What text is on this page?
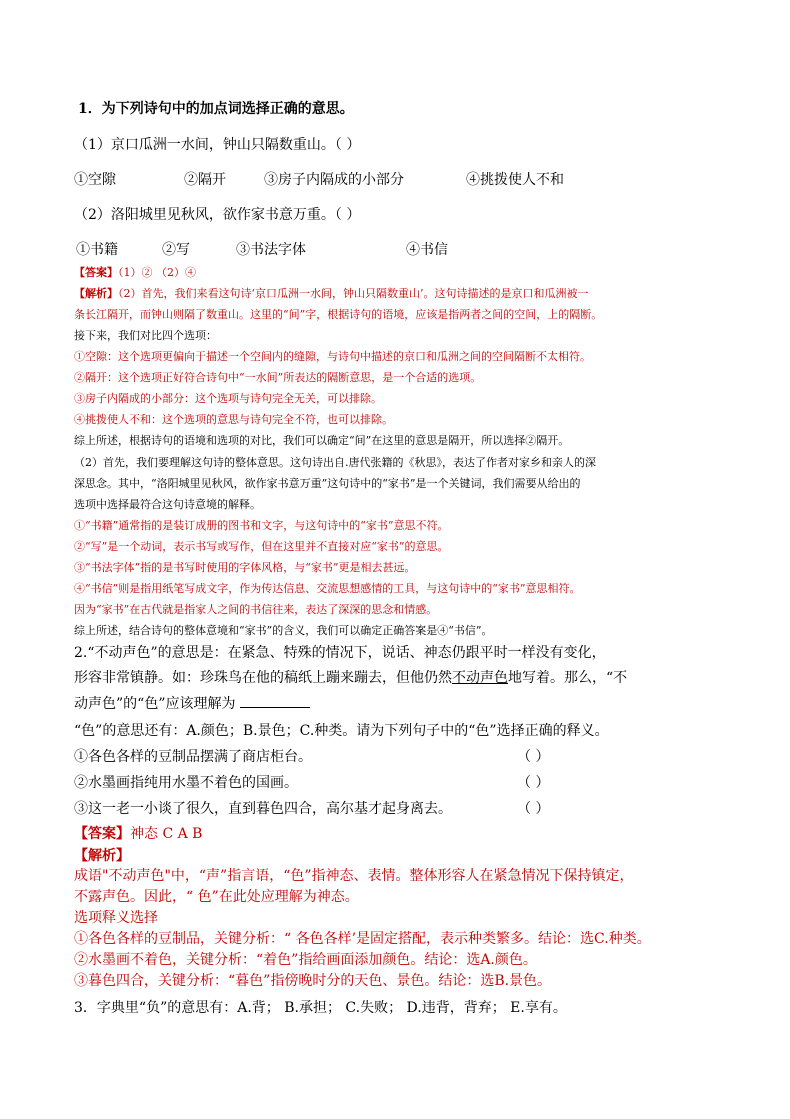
1．为下列诗句中的加点词选择正确的意思。
（1）京口瓜洲一水间，钟山只隔数重山。（ ）
①空隙	②隔开	③房子内隔成的小部分	④挑拨使人不和
（2）洛阳城里见秋风，欲作家书意万重。（ ）
①书籍	②写	③书法字体	④书信
【答案】（1）② （2）④
【解析】（2）首先，我们来看这句诗‘京口瓜洲一水间，钟山只隔数重山’。这句诗描述的是京口和瓜洲被一
条长江隔开，而钟山则隔了数重山。这里的“间”字，根据诗句的语境，应该是指两者之间的空间，上的隔断。
接下来，我们对比四个选项：
①空隙：这个选项更偏向于描述一个空间内的缝隙，与诗句中描述的京口和瓜洲之间的空间隔断不太相符。
②隔开：这个选项正好符合诗句中“一水间”所表达的隔断意思，是一个合适的选项。
③房子内隔成的小部分：这个选项与诗句完全无关，可以排除。
④挑拨使人不和：这个选项的意思与诗句完全不符，也可以排除。
综上所述，根据诗句的语境和选项的对比，我们可以确定“间”在这里的意思是隔开，所以选择②隔开。
（2）首先，我们要理解这句诗的整体意思。这句诗出自.唐代张籍的《秋思》，表达了作者对家乡和亲人的深
深思念。其中，“洛阳城里见秋风，欲作家书意万重”这句诗中的“家书”是一个关键词，我们需要从给出的
选项中选择最符合这句诗意境的解释。
①“书籍”通常指的是装订成册的图书和文字，与这句诗中的“家书”意思不符。
②“写”是一个动词，表示书写或写作，但在这里并不直接对应“家书”的意思。
③“书法字体”指的是书写时使用的字体风格，与“家书”更是相去甚远。
④“书信”则是指用纸笔写成文字，作为传达信息、交流思想感情的工具，与这句诗中的“家书”意思相符。
因为“家书”在古代就是指家人之间的书信往来，表达了深深的思念和情感。
综上所述，结合诗句的整体意境和“家书”的含义，我们可以确定正确答案是④“书信”。
2.“不动声色”的意思是：在紧急、特殊的情况下，说话、神态仍跟平时一样没有变化，
形容非常镇静。如：珍珠鸟在他的稿纸上蹦来蹦去，但他仍然不动声色地写着。那么，“不
动声色”的“色”应该理解为
“色”的意思还有：A.颜色；B.景色；C.种类。请为下列句子中的“色”选择正确的释义。
①各色各样的豆制品摆满了商店柜台。	（ ）
②水墨画指纯用水墨不着色的国画。	（ ）
③这一老一小谈了很久，直到暮色四合，高尔基才起身离去。	（ ）
【答案】神态 C A B
【解析】
成语"不动声色"中，“声”指言语，“色”指神态、表情。整体形容人在紧急情况下保持镇定，
不露声色。因此，“ 色”在此处应理解为神态。
选项释义选择
①各色各样的豆制品，关键分析：“ 各色各样’是固定搭配，表示种类繁多。结论：选C.种类。
②水墨画不着色，关键分析：“着色”指给画面添加颜色。结论：选A.颜色。
③暮色四合，关键分析：“暮色”指傍晚时分的天色、景色。结论：选B.景色。
3．字典里“负”的意思有：A.背； B.承担； C.失败； D.违背，背弃； E.享有。
